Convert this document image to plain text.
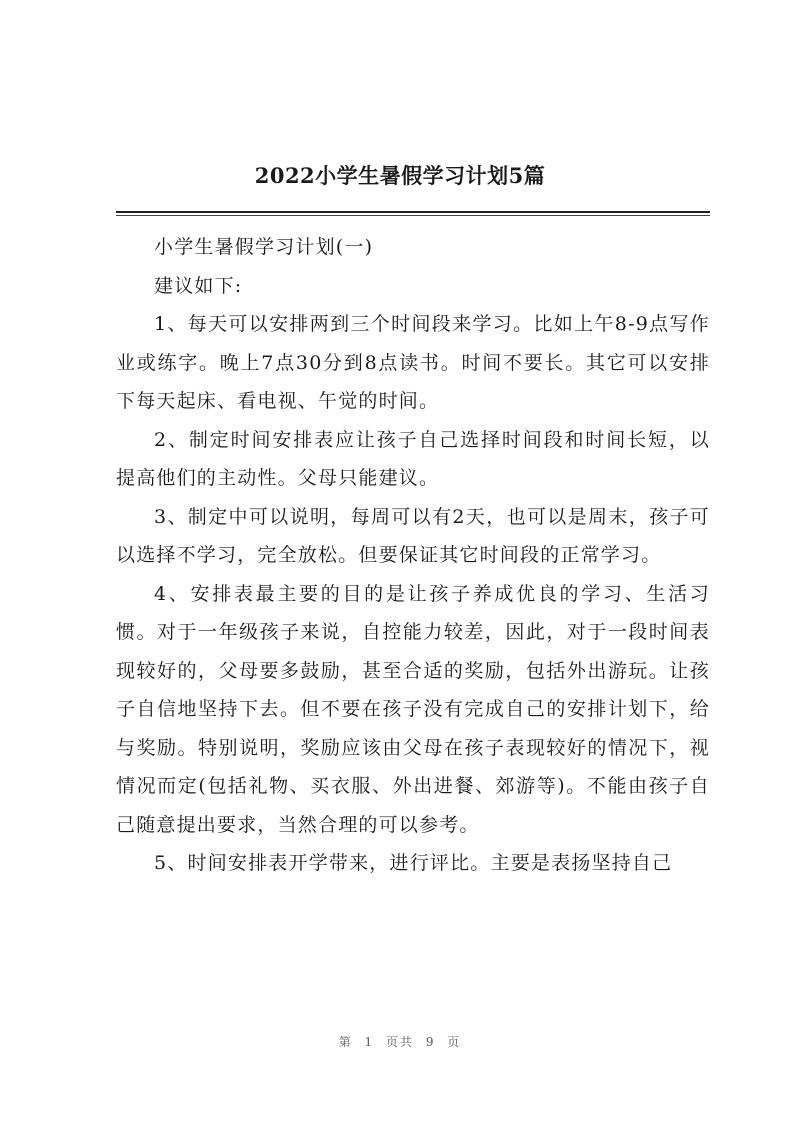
2022小学生暑假学习计划5篇

小学生暑假学习计划(一)

建议如下:

1、每天可以安排两到三个时间段来学习。比如上午8-9点写作业或练字。晚上7点30分到8点读书。时间不要长。其它可以安排下每天起床、看电视、午觉的时间。

2、制定时间安排表应让孩子自己选择时间段和时间长短，以提高他们的主动性。父母只能建议。

3、制定中可以说明，每周可以有2天，也可以是周末，孩子可以选择不学习，完全放松。但要保证其它时间段的正常学习。

4、安排表最主要的目的是让孩子养成优良的学习、生活习惯。对于一年级孩子来说，自控能力较差，因此，对于一段时间表现较好的，父母要多鼓励，甚至合适的奖励，包括外出游玩。让孩子自信地坚持下去。但不要在孩子没有完成自己的安排计划下，给与奖励。特别说明，奖励应该由父母在孩子表现较好的情况下，视情况而定(包括礼物、买衣服、外出进餐、郊游等)。不能由孩子自己随意提出要求，当然合理的可以参考。

5、时间安排表开学带来，进行评比。主要是表扬坚持自己

第 1 页共 9 页
